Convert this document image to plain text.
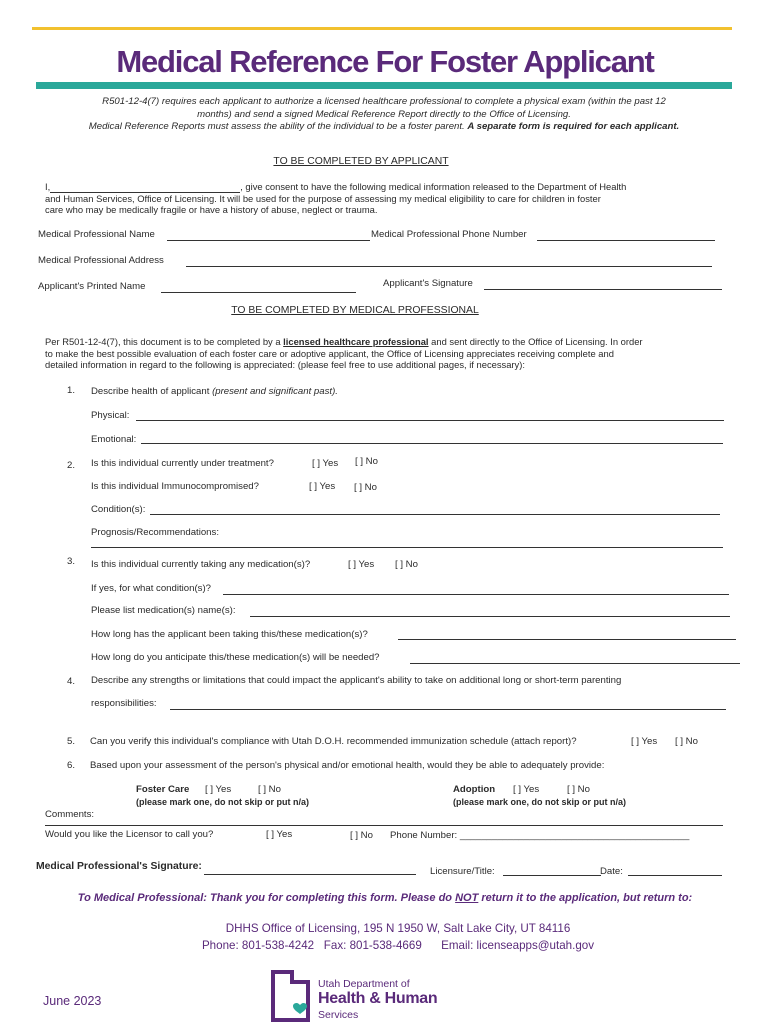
Medical Reference For Foster Applicant
R501-12-4(7) requires each applicant to authorize a licensed healthcare professional to complete a physical exam (within the past 12
months) and send a signed Medical Reference Report directly to the Office of Licensing.
Medical Reference Reports must assess the ability of the individual to be a foster parent. A separate form is required for each applicant.
TO BE COMPLETED BY APPLICANT
I,	, give consent to have the following medical information released to the Department of Health
and Human Services, Office of Licensing. It will be used for the purpose of assessing my medical eligibility to care for children in foster
care who may be medically fragile or have a history of abuse, neglect or trauma.
Medical Professional Name	Medical Professional Phone Number
Medical Professional Address
Applicant's Printed Name	Applicant's Signature
TO BE COMPLETED BY MEDICAL PROFESSIONAL
Per R501-12-4(7), this document is to be completed by a licensed healthcare professional and sent directly to the Office of Licensing. In order
to make the best possible evaluation of each foster care or adoptive applicant, the Office of Licensing appreciates receiving complete and
detailed information in regard to the following is appreciated: (please feel free to use additional pages, if necessary):
1. Describe health of applicant (present and significant past).
Physical:
Emotional:
2. Is this individual currently under treatment?	[ ] Yes [ ] No
Is this individual Immunocompromised?	[ ] Yes [ ] No
Condition(s):
Prognosis/Recommendations:
3. Is this individual currently taking any medication(s)?	[ ] Yes [ ] No
If yes, for what condition(s)?
Please list medication(s) name(s):
How long has the applicant been taking this/these medication(s)?
How long do you anticipate this/these medication(s) will be needed?
4. Describe any strengths or limitations that could impact the applicant's ability to take on additional long or short-term parenting
responsibilities:
5. Can you verify this individual's compliance with Utah D.O.H. recommended immunization schedule (attach report)?	[ ] Yes [ ] No
6. Based upon your assessment of the person's physical and/or emotional health, would they be able to adequately provide:
Foster Care [ ] Yes	[ ] No
(please mark one, do not skip or put n/a)
Adoption [ ] Yes	[ ] No
(please mark one, do not skip or put n/a)
Comments:
Would you like the Licensor to call you?	[ ] Yes	[ ] No Phone Number: ___________________________________________
Medical Professional's Signature:	Licensure/Title:	Date:
To Medical Professional: Thank you for completing this form. Please do NOT return it to the application, but return to:
DHHS Office of Licensing, 195 N 1950 W, Salt Lake City, UT 84116
Phone: 801-538-4242 Fax: 801-538-4669 Email: licenseapps@utah.gov
June 2023
Utah Department of
Health & Human
Services
